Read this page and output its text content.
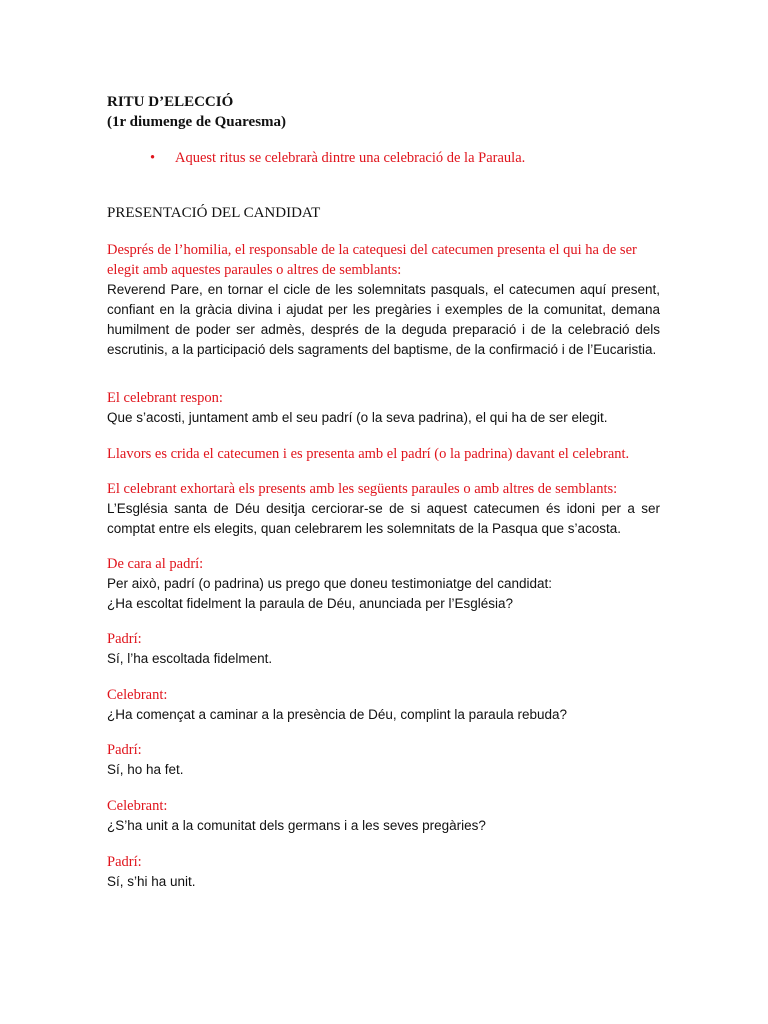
RITU D’ELECCIÓ

(1r diumenge de Quaresma)

• Aquest ritus se celebrarà dintre una celebració de la Paraula.
PRESENTACIÓ DEL CANDIDAT

Després de l’homilia, el responsable de la catequesi del catecumen presenta el qui ha de ser elegit amb aquestes paraules o altres de semblants:

Reverend Pare, en tornar el cicle de les solemnitats pasquals, el catecumen aquí present, confiant en la gràcia divina i ajudat per les pregàries i exemples de la comunitat, demana humilment de poder ser admès, després de la deguda preparació i de la celebració dels escrutinis, a la participació dels sagraments del baptisme, de la confirmació i de l’Eucaristia.

El celebrant respon:

Que s’acosti, juntament amb el seu padrí (o la seva padrina), el qui ha de ser elegit.

Llavors es crida el catecumen i es presenta amb el padrí (o la padrina) davant el celebrant.

El celebrant exhortarà els presents amb les següents paraules o amb altres de semblants:

L’Església santa de Déu desitja cerciorar-se de si aquest catecumen és idoni per a ser comptat entre els elegits, quan celebrarem les solemnitats de la Pasqua que s’acosta.

De cara al padrí:

Per això, padrí (o padrina) us prego que doneu testimoniatge del candidat:

¿Ha escoltat fidelment la paraula de Déu, anunciada per l’Església?

Padrí:

Sí, l’ha escoltada fidelment.

Celebrant:

¿Ha començat a caminar a la presència de Déu, complint la paraula rebuda?

Padrí:

Sí, ho ha fet.

Celebrant:

¿S’ha unit a la comunitat dels germans i a les seves pregàries?

Padrí:

Sí, s’hi ha unit.
